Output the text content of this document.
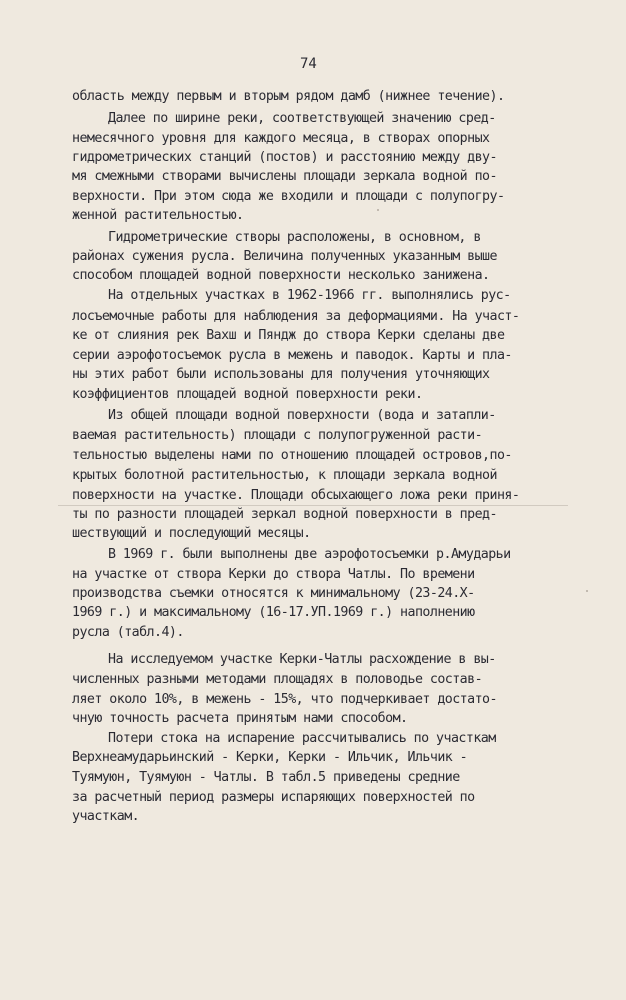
74
область между первым и вторым рядом дамб (нижнее течение).
Далее по ширине реки, соответствующей значению сред-
немесячного уровня для каждого месяца, в створах опорных
гидрометрических станций (постов) и расстоянию между дву-
мя смежными створами вычислены площади зеркала водной по-
верхности. При этом сюда же входили и площади с полупогру-
женной растительностью.
Гидрометрические створы расположены, в основном, в
районах сужения русла. Величина полученных указанным выше
способом площадей водной поверхности несколько занижена.
На отдельных участках в 1962-1966 гг. выполнялись рус-
лосъемочные работы для наблюдения за деформациями. На участ-
ке от слияния рек Вахш и Пяндж до створа Керки сделаны две
серии аэрофотосъемок русла в межень и паводок. Карты и пла-
ны этих работ были использованы для получения уточняющих
коэффициентов площадей водной поверхности реки.
Из общей площади водной поверхности (вода и затапли-
ваемая растительность) площади с полупогруженной расти-
тельностью выделены нами по отношению площадей островов,по-
крытых болотной растительностью, к площади зеркала водной
поверхности на участке. Площади обсыхающего ложа реки приня-
ты по разности площадей зеркал водной поверхности в пред-
шествующий и последующий месяцы.
В 1969 г. были выполнены две аэрофотосъемки р.Амударьи
на участке от створа Керки до створа Чатлы. По времени
производства съемки относятся к минимальному (23-24.Х-
1969 г.) и максимальному (16-17.УП.1969 г.) наполнению
русла (табл.4).
На исследуемом участке Керки-Чатлы расхождение в вы-
численных разными методами площадях в половодье состав-
ляет около 10%, в межень - 15%, что подчеркивает достато-
чную точность расчета принятым нами способом.
Потери стока на испарение рассчитывались по участкам
Верхнеамударьинский - Керки, Керки - Ильчик, Ильчик -
Туямуюн, Туямуюн - Чатлы. В табл.5 приведены средние
за расчетный период размеры испаряющих поверхностей по
участкам.
